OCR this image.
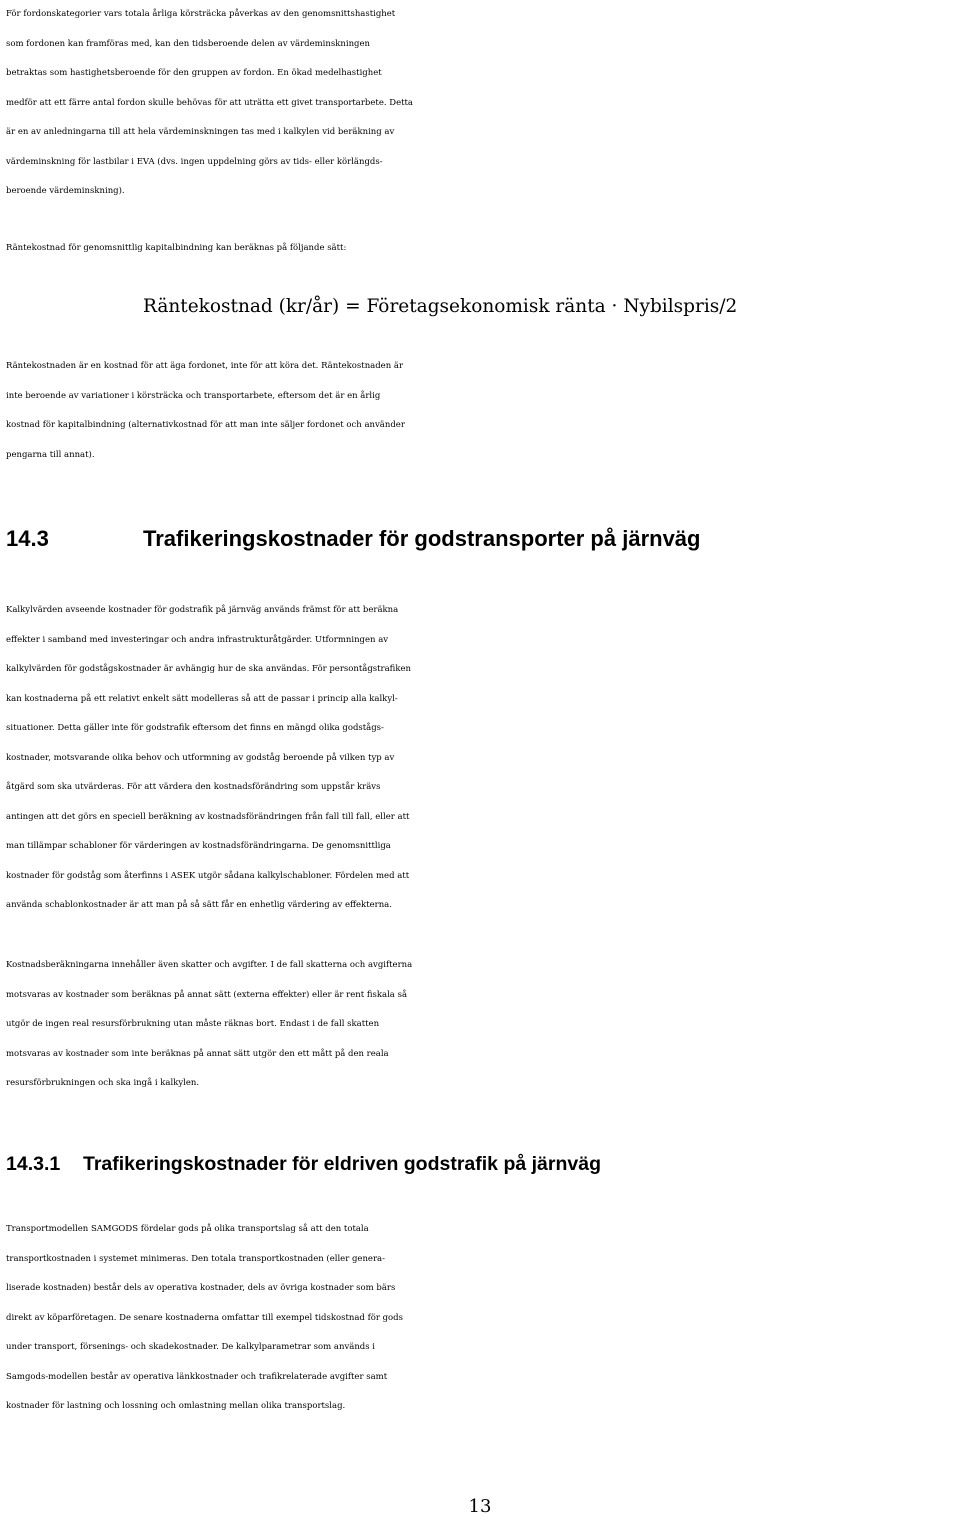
För fordonskategorier vars totala årliga körsträcka påverkas av den genomsnittshastighet
som fordonen kan framföras med, kan den tidsberoende delen av värdeminskningen
betraktas som hastighetsberoende för den gruppen av fordon. En ökad medelhastighet
medför att ett färre antal fordon skulle behövas för att uträtta ett givet transportarbete. Detta
är en av anledningarna till att hela värdeminskningen tas med i kalkylen vid beräkning av
värdeminskning för lastbilar i EVA (dvs. ingen uppdelning görs av tids- eller körlängds-
beroende värdeminskning).

Räntekostnad för genomsnittlig kapitalbindning kan beräknas på följande sätt:

Räntekostnad (kr/år) = Företagsekonomisk ränta · Nybilspris/2

Räntekostnaden är en kostnad för att äga fordonet, inte för att köra det. Räntekostnaden är
inte beroende av variationer i körsträcka och transportarbete, eftersom det är en årlig
kostnad för kapitalbindning (alternativkostnad för att man inte säljer fordonet och använder
pengarna till annat).

14.3	Trafikeringskostnader för godstransporter på järnväg

Kalkylvärden avseende kostnader för godstrafik på järnväg används främst för att beräkna
effekter i samband med investeringar och andra infrastrukturåtgärder. Utformningen av
kalkylvärden för godstågskostnader är avhängig hur de ska användas. För persontågstrafiken
kan kostnaderna på ett relativt enkelt sätt modelleras så att de passar i princip alla kalkyl-
situationer. Detta gäller inte för godstrafik eftersom det finns en mängd olika godstågs-
kostnader, motsvarande olika behov och utformning av godståg beroende på vilken typ av
åtgärd som ska utvärderas. För att värdera den kostnadsförändring som uppstår krävs
antingen att det görs en speciell beräkning av kostnadsförändringen från fall till fall, eller att
man tillämpar schabloner för värderingen av kostnadsförändringarna. De genomsnittliga
kostnader för godståg som återfinns i ASEK utgör sådana kalkylschabloner. Fördelen med att
använda schablonkostnader är att man på så sätt får en enhetlig värdering av effekterna.

Kostnadsberäkningarna innehåller även skatter och avgifter. I de fall skatterna och avgifterna
motsvaras av kostnader som beräknas på annat sätt (externa effekter) eller är rent fiskala så
utgör de ingen real resursförbrukning utan måste räknas bort. Endast i de fall skatten
motsvaras av kostnader som inte beräknas på annat sätt utgör den ett mått på den reala
resursförbrukningen och ska ingå i kalkylen.

14.3.1 Trafikeringskostnader för eldriven godstrafik på järnväg

Transportmodellen SAMGODS fördelar gods på olika transportslag så att den totala
transportkostnaden i systemet minimeras. Den totala transportkostnaden (eller genera-
liserade kostnaden) består dels av operativa kostnader, dels av övriga kostnader som bärs
direkt av köparföretagen. De senare kostnaderna omfattar till exempel tidskostnad för gods
under transport, försenings- och skadekostnader. De kalkylparametrar som används i
Samgods-modellen består av operativa länkkostnader och trafikrelaterade avgifter samt
kostnader för lastning och lossning och omlastning mellan olika transportslag.

13
